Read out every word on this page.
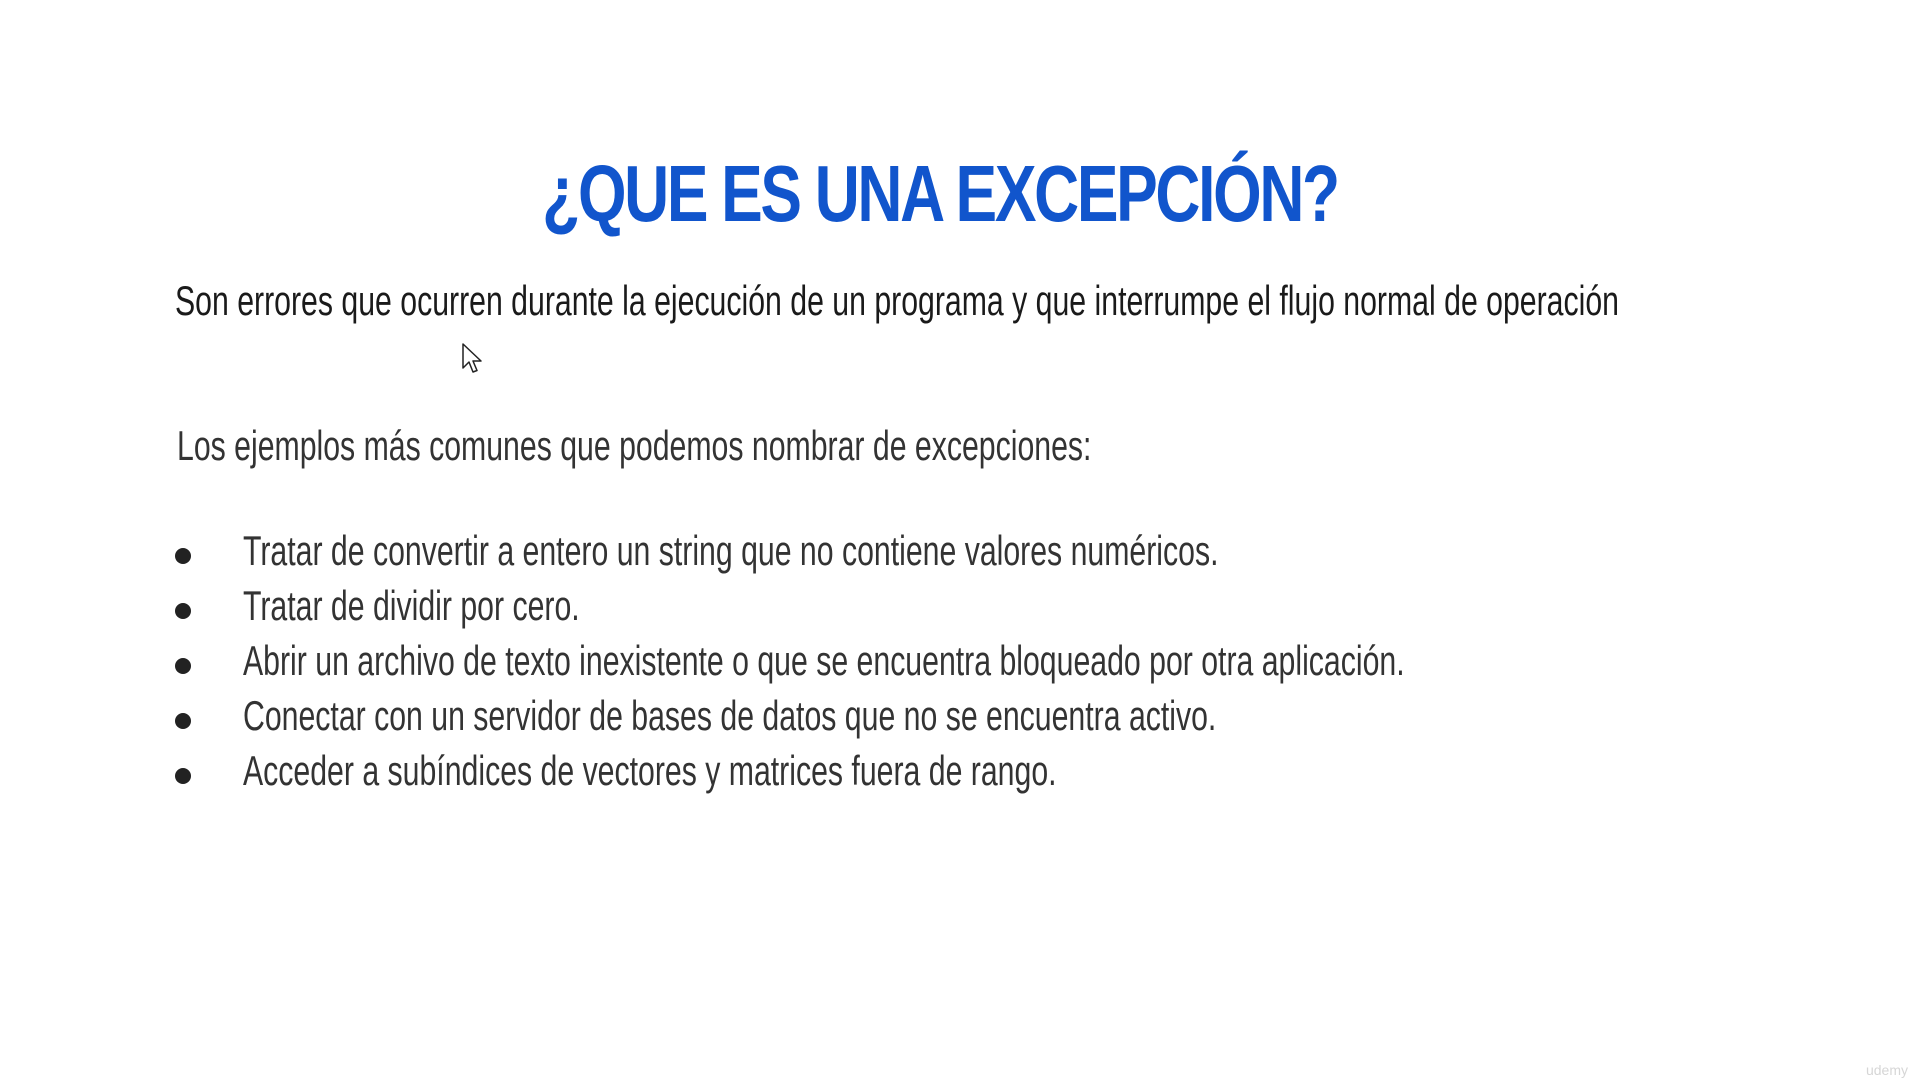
¿QUE ES UNA EXCEPCIÓN?
Son errores que ocurren durante la ejecución de un programa y que interrumpe el flujo normal de operación
Los ejemplos más comunes que podemos nombrar de excepciones:
Tratar de convertir a entero un string que no contiene valores numéricos.
Tratar de dividir por cero.
Abrir un archivo de texto inexistente o que se encuentra bloqueado por otra aplicación.
Conectar con un servidor de bases de datos que no se encuentra activo.
Acceder a subíndices de vectores y matrices fuera de rango.
udemy
